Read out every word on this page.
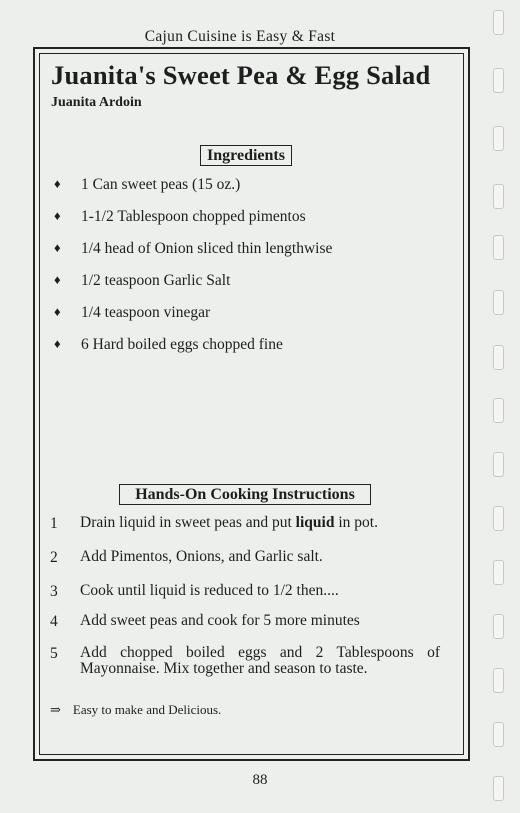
Cajun Cuisine is Easy & Fast
Juanita's Sweet Pea & Egg Salad
Juanita Ardoin
Ingredients
♦ 1 Can sweet peas (15 oz.)
♦ 1-1/2 Tablespoon chopped pimentos
♦ 1/4 head of Onion sliced thin lengthwise
♦ 1/2 teaspoon Garlic Salt
♦ 1/4 teaspoon vinegar
♦ 6 Hard boiled eggs chopped fine
Hands-On Cooking Instructions
1 Drain liquid in sweet peas and put liquid in pot.
2 Add Pimentos, Onions, and Garlic salt.
3 Cook until liquid is reduced to 1/2 then....
4 Add sweet peas and cook for 5 more minutes
5 Add chopped boiled eggs and 2 Tablespoons of Mayonnaise. Mix together and season to taste.
⇒ Easy to make and Delicious.
88
